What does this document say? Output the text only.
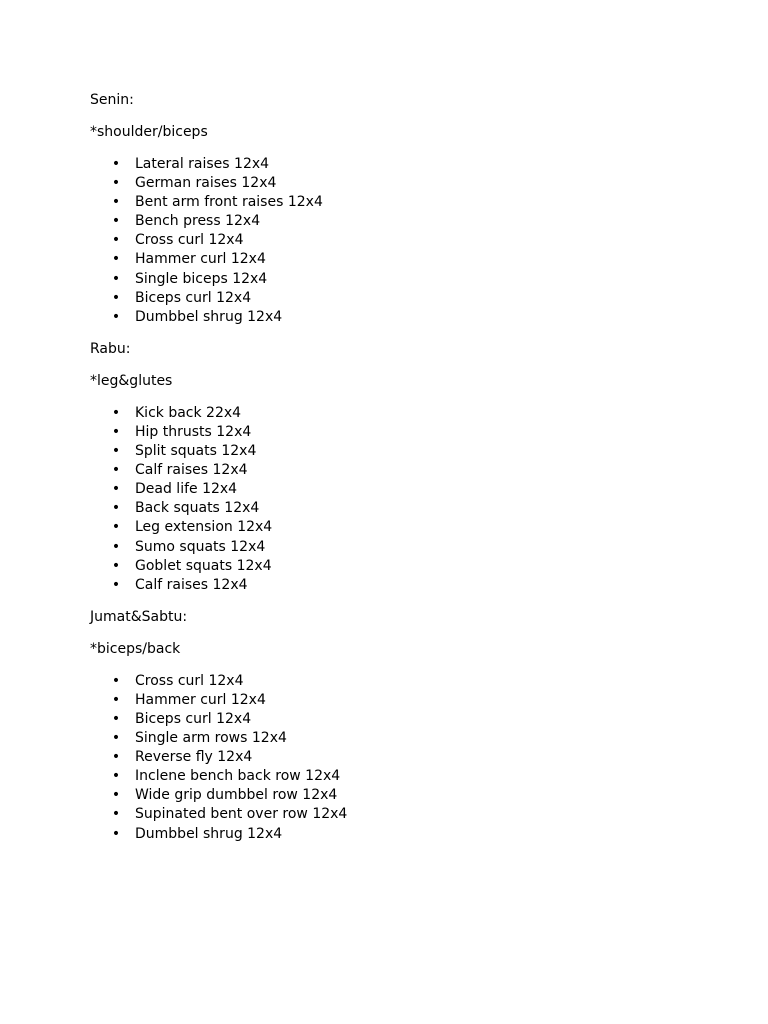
Senin:

*shoulder/biceps

• Lateral raises 12x4
• German raises 12x4
• Bent arm front raises 12x4
• Bench press 12x4
• Cross curl 12x4
• Hammer curl 12x4
• Single biceps 12x4
• Biceps curl 12x4
• Dumbbel shrug 12x4

Rabu:

*leg&glutes

• Kick back 22x4
• Hip thrusts 12x4
• Split squats 12x4
• Calf raises 12x4
• Dead life 12x4
• Back squats 12x4
• Leg extension 12x4
• Sumo squats 12x4
• Goblet squats 12x4
• Calf raises 12x4

Jumat&Sabtu:

*biceps/back

• Cross curl 12x4
• Hammer curl 12x4
• Biceps curl 12x4
• Single arm rows 12x4
• Reverse fly 12x4
• Inclene bench back row 12x4
• Wide grip dumbbel row 12x4
• Supinated bent over row 12x4
• Dumbbel shrug 12x4
